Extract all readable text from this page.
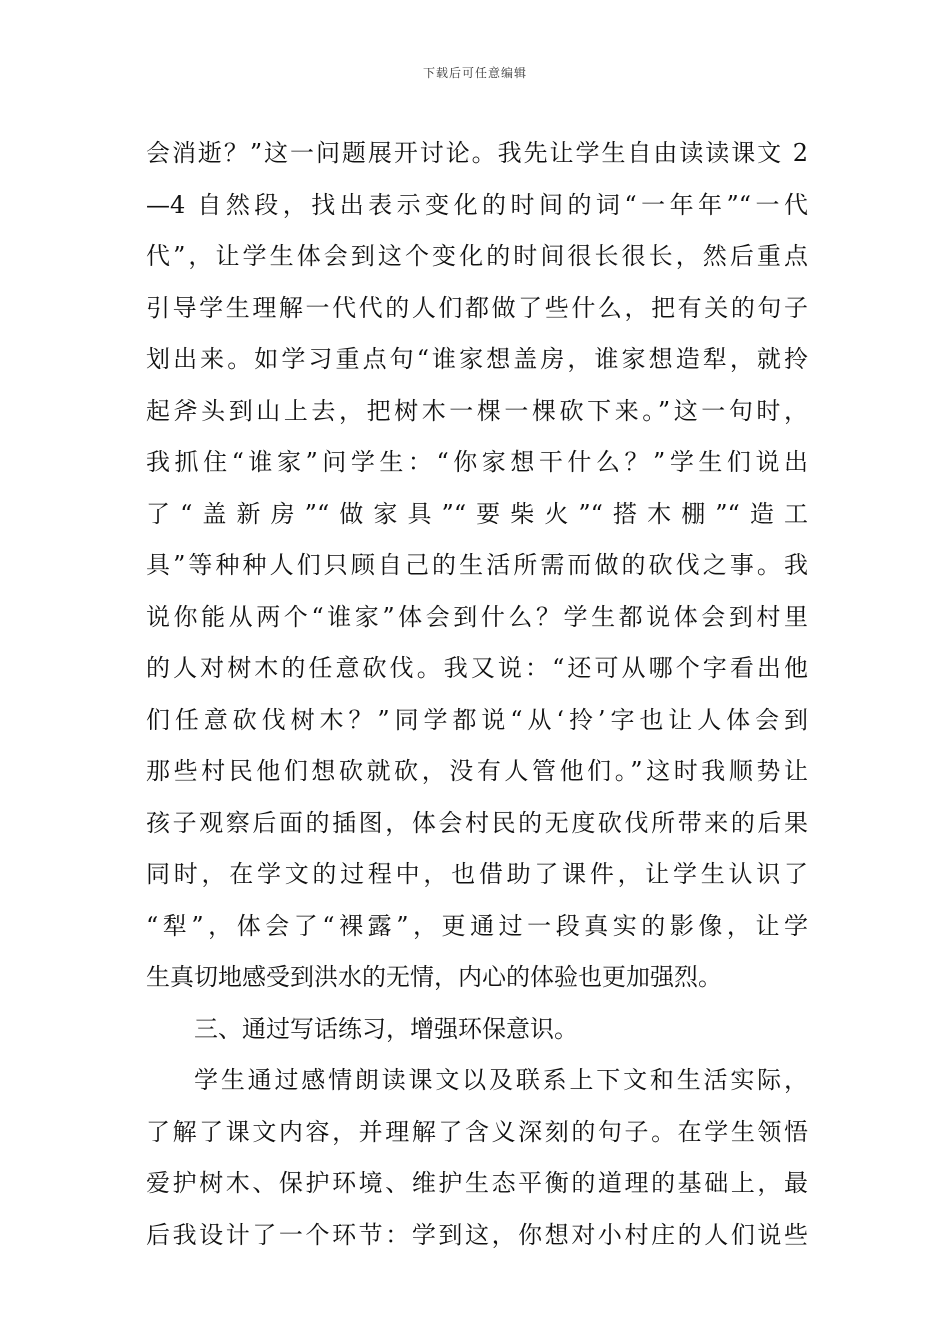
下载后可任意编辑
会消逝？”这一问题展开讨论。我先让学生自由读读课文 2
—4 自然段，找出表示变化的时间的词“一年年”“一代
代”，让学生体会到这个变化的时间很长很长，然后重点
引导学生理解一代代的人们都做了些什么，把有关的句子
划出来。如学习重点句“谁家想盖房，谁家想造犁，就拎
起斧头到山上去，把树木一棵一棵砍下来。”这一句时，
我抓住“谁家”问学生：“你家想干什么？”学生们说出
了“盖新房”“做家具”“要柴火”“搭木棚”“造工
具”等种种人们只顾自己的生活所需而做的砍伐之事。我
说你能从两个“谁家”体会到什么？学生都说体会到村里
的人对树木的任意砍伐。我又说：“还可从哪个字看出他
们任意砍伐树木？”同学都说“从‘拎’字也让人体会到
那些村民他们想砍就砍，没有人管他们。”这时我顺势让
孩子观察后面的插图，体会村民的无度砍伐所带来的后果
同时，在学文的过程中，也借助了课件，让学生认识了
“犁”，体会了“裸露”，更通过一段真实的影像，让学
生真切地感受到洪水的无情，内心的体验也更加强烈。
三、通过写话练习，增强环保意识。
学生通过感情朗读课文以及联系上下文和生活实际，
了解了课文内容，并理解了含义深刻的句子。在学生领悟
爱护树木、保护环境、维护生态平衡的道理的基础上，最
后我设计了一个环节：学到这，你想对小村庄的人们说些
